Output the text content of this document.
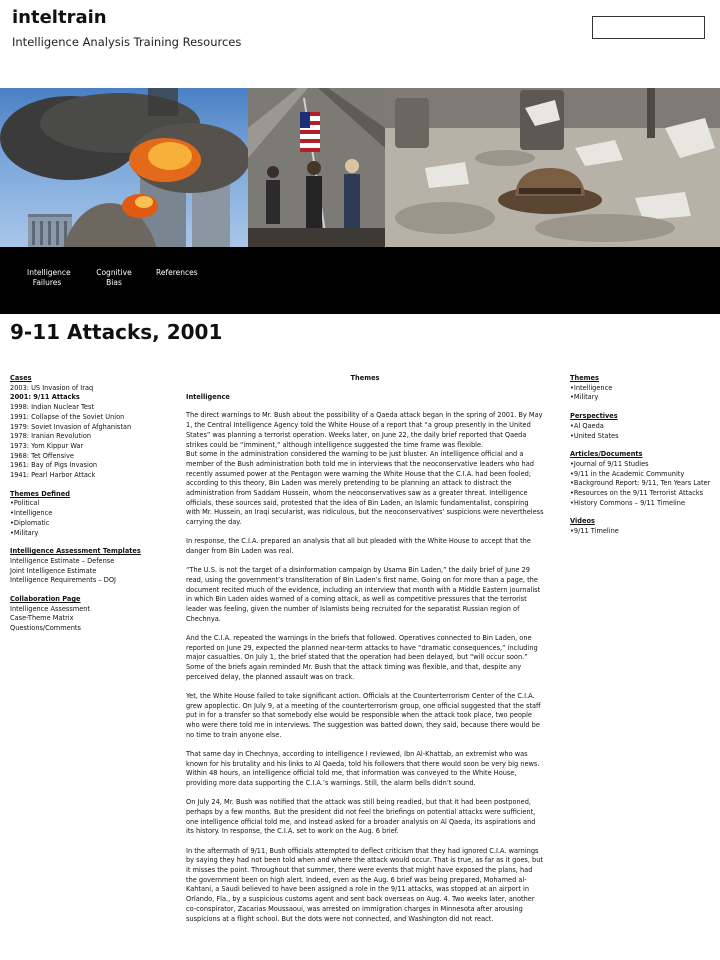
inteltrain
Intelligence Analysis Training Resources
Intelligence
Failures
Cognitive
Bias
References
9-11 Attacks, 2001
Cases
2003: US Invasion of Iraq
2001: 9/11 Attacks
1998: Indian Nuclear Test
1991: Collapse of the Soviet Union
1979: Soviet Invasion of Afghanistan
1978: Iranian Revolution
1973: Yom Kippur War
1968: Tet Offensive
1961: Bay of Pigs Invasion
1941: Pearl Harbor Attack
Themes Defined
•Political
•Intelligence
•Diplomatic
•Military
Intelligence Assessment Templates
Intelligence Estimate – Defense
Joint Intelligence Estimate
Intelligence Requirements – DOJ
Collaboration Page
Intelligence Assessment
Case-Theme Matrix
Questions/Comments
Themes
Intelligence

The direct warnings to Mr. Bush about the possibility of a Qaeda attack began in the spring of 2001. By May 1, the Central Intelligence Agency told the White House of a report that “a group presently in the United States” was planning a terrorist operation. Weeks later, on June 22, the daily brief reported that Qaeda strikes could be “imminent,” although intelligence suggested the time frame was flexible.
But some in the administration considered the warning to be just bluster. An intelligence official and a member of the Bush administration both told me in interviews that the neoconservative leaders who had recently assumed power at the Pentagon were warning the White House that the C.I.A. had been fooled; according to this theory, Bin Laden was merely pretending to be planning an attack to distract the administration from Saddam Hussein, whom the neoconservatives saw as a greater threat. Intelligence officials, these sources said, protested that the idea of Bin Laden, an Islamic fundamentalist, conspiring with Mr. Hussein, an Iraqi secularist, was ridiculous, but the neoconservatives’ suspicions were nevertheless carrying the day.

In response, the C.I.A. prepared an analysis that all but pleaded with the White House to accept that the danger from Bin Laden was real.

“The U.S. is not the target of a disinformation campaign by Usama Bin Laden,” the daily brief of June 29 read, using the government’s transliteration of Bin Laden’s first name. Going on for more than a page, the document recited much of the evidence, including an interview that month with a Middle Eastern journalist in which Bin Laden aides warned of a coming attack, as well as competitive pressures that the terrorist leader was feeling, given the number of Islamists being recruited for the separatist Russian region of Chechnya.

And the C.I.A. repeated the warnings in the briefs that followed. Operatives connected to Bin Laden, one reported on June 29, expected the planned near-term attacks to have “dramatic consequences,” including major casualties. On July 1, the brief stated that the operation had been delayed, but “will occur soon.” Some of the briefs again reminded Mr. Bush that the attack timing was flexible, and that, despite any perceived delay, the planned assault was on track.

Yet, the White House failed to take significant action. Officials at the Counterterrorism Center of the C.I.A. grew apoplectic. On July 9, at a meeting of the counterterrorism group, one official suggested that the staff put in for a transfer so that somebody else would be responsible when the attack took place, two people who were there told me in interviews. The suggestion was batted down, they said, because there would be no time to train anyone else.

That same day in Chechnya, according to intelligence I reviewed, Ibn Al-Khattab, an extremist who was known for his brutality and his links to Al Qaeda, told his followers that there would soon be very big news. Within 48 hours, an intelligence official told me, that information was conveyed to the White House, providing more data supporting the C.I.A.’s warnings. Still, the alarm bells didn’t sound.

On July 24, Mr. Bush was notified that the attack was still being readied, but that it had been postponed, perhaps by a few months. But the president did not feel the briefings on potential attacks were sufficient, one intelligence official told me, and instead asked for a broader analysis on Al Qaeda, its aspirations and its history. In response, the C.I.A. set to work on the Aug. 6 brief.

In the aftermath of 9/11, Bush officials attempted to deflect criticism that they had ignored C.I.A. warnings by saying they had not been told when and where the attack would occur. That is true, as far as it goes, but it misses the point. Throughout that summer, there were events that might have exposed the plans, had the government been on high alert. Indeed, even as the Aug. 6 brief was being prepared, Mohamed al-Kahtani, a Saudi believed to have been assigned a role in the 9/11 attacks, was stopped at an airport in Orlando, Fla., by a suspicious customs agent and sent back overseas on Aug. 4. Two weeks later, another co-conspirator, Zacarias Moussaoui, was arrested on immigration charges in Minnesota after arousing suspicions at a flight school. But the dots were not connected, and Washington did not react.

Themes
•Intelligence
•Military
Perspectives
•Al Qaeda
•United States
Articles/Documents
•Journal of 9/11 Studies
•9/11 in the Academic Community
•Background Report: 9/11, Ten Years Later
•Resources on the 9/11 Terrorist Attacks
•History Commons – 9/11 Timeline
Videos
•9/11 Timeline
